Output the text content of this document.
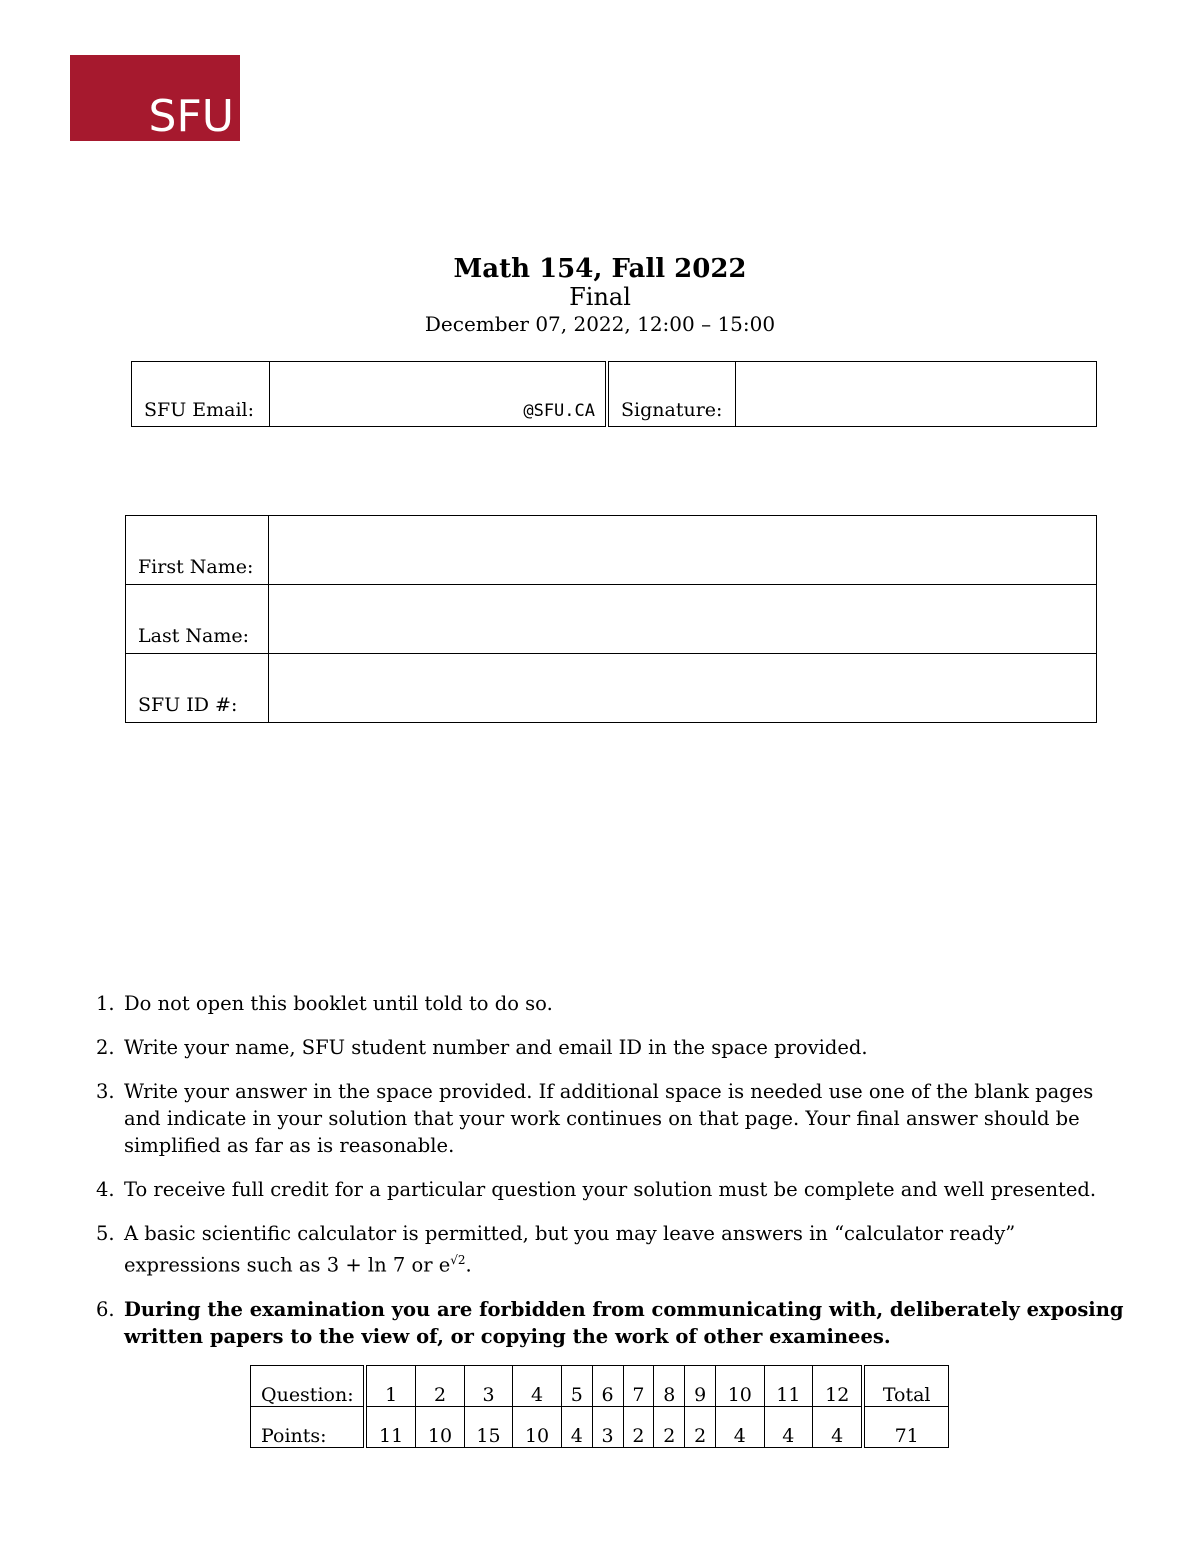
SFU
Math 154, Fall 2022
Final
December 07, 2022, 12:00 – 15:00
SFU Email:	@SFU.CA	Signature:	
First Name:	
Last Name:	
SFU ID #:	
1. Do not open this booklet until told to do so.
2. Write your name, SFU student number and email ID in the space provided.
3. Write your answer in the space provided. If additional space is needed use one of the blank pages and indicate in your solution that your work continues on that page. Your final answer should be simplified as far as is reasonable.
4. To receive full credit for a particular question your solution must be complete and well presented.
5. A basic scientific calculator is permitted, but you may leave answers in “calculator ready” expressions such as 3 + ln 7 or $e^{√2}$.
6. During the examination you are forbidden from communicating with, deliberately exposing written papers to the view of, or copying the work of other examinees.
Question:	1	2	3	4	5	6	7	8	9	10	11	12	Total
Points:	11	10	15	10	4	3	2	2	2	4	4	4	71
